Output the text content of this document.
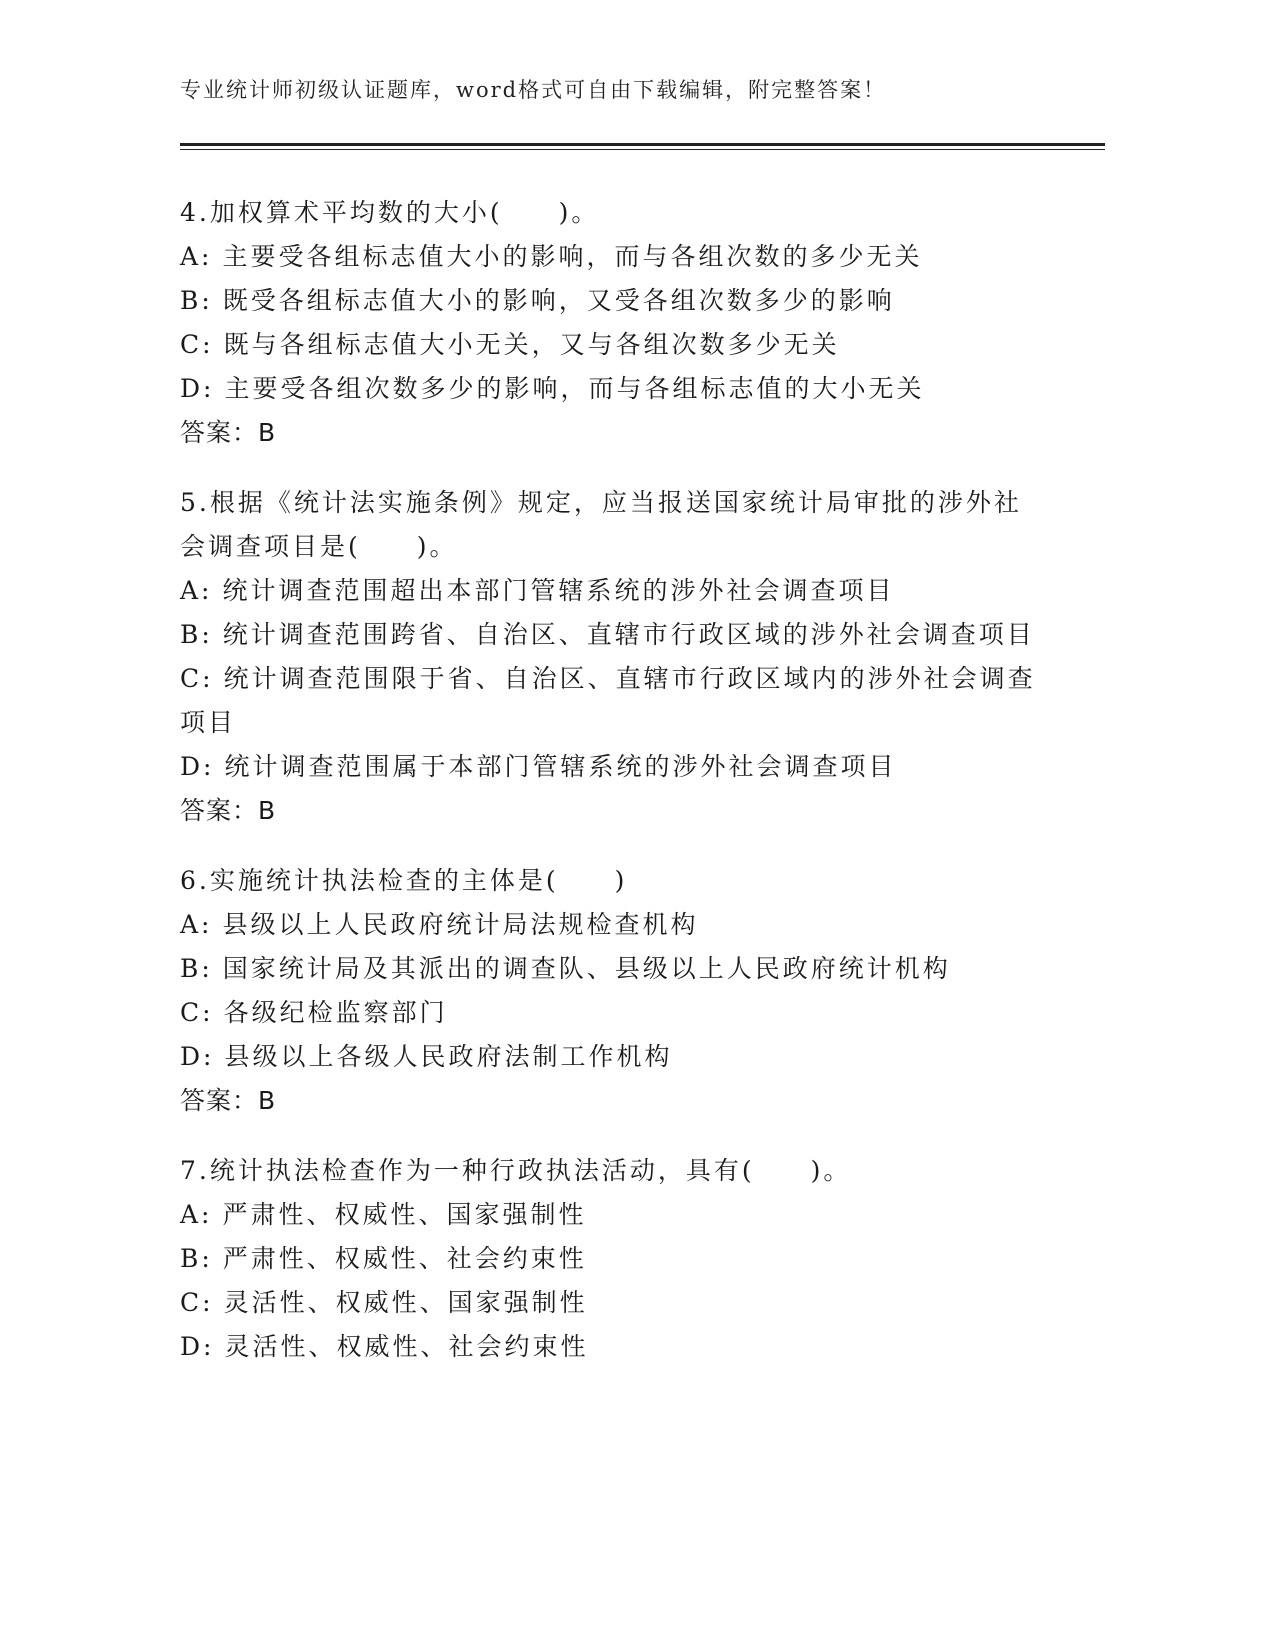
专业统计师初级认证题库，word格式可自由下载编辑，附完整答案！
4.加权算术平均数的大小(　　)。
A: 主要受各组标志值大小的影响，而与各组次数的多少无关
B: 既受各组标志值大小的影响，又受各组次数多少的影响
C: 既与各组标志值大小无关，又与各组次数多少无关
D: 主要受各组次数多少的影响，而与各组标志值的大小无关
答案：B
5.根据《统计法实施条例》规定，应当报送国家统计局审批的涉外社
会调查项目是(　　)。
A: 统计调查范围超出本部门管辖系统的涉外社会调查项目
B: 统计调查范围跨省、自治区、直辖市行政区域的涉外社会调查项目
C: 统计调查范围限于省、自治区、直辖市行政区域内的涉外社会调查
项目
D: 统计调查范围属于本部门管辖系统的涉外社会调查项目
答案：B
6.实施统计执法检查的主体是(　　)
A: 县级以上人民政府统计局法规检查机构
B: 国家统计局及其派出的调查队、县级以上人民政府统计机构
C: 各级纪检监察部门
D: 县级以上各级人民政府法制工作机构
答案：B
7.统计执法检查作为一种行政执法活动，具有(　　)。
A: 严肃性、权威性、国家强制性
B: 严肃性、权威性、社会约束性
C: 灵活性、权威性、国家强制性
D: 灵活性、权威性、社会约束性
